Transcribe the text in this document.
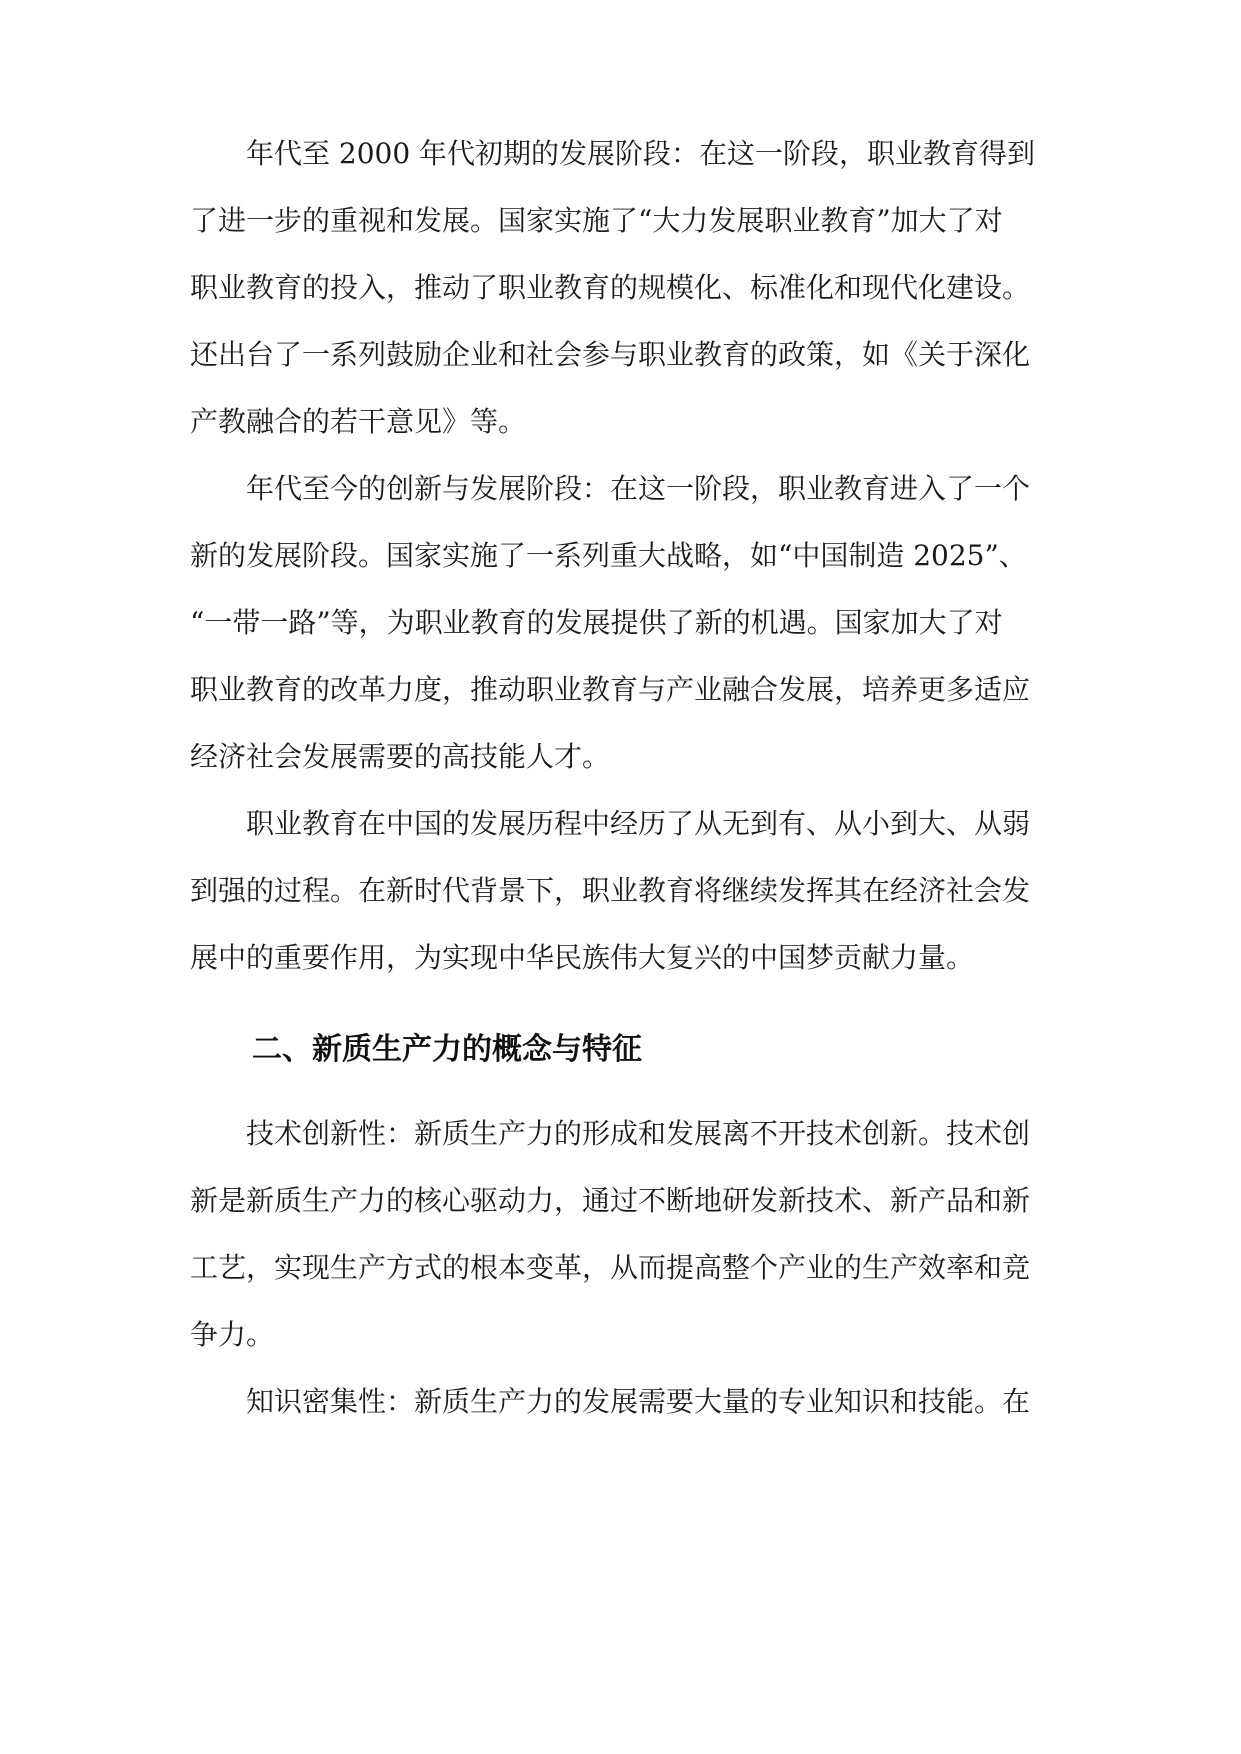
年代至 2000 年代初期的发展阶段：在这一阶段，职业教育得到

了进一步的重视和发展。国家实施了“大力发展职业教育”加大了对

职业教育的投入，推动了职业教育的规模化、标准化和现代化建设。

还出台了一系列鼓励企业和社会参与职业教育的政策，如《关于深化

产教融合的若干意见》等。

年代至今的创新与发展阶段：在这一阶段，职业教育进入了一个

新的发展阶段。国家实施了一系列重大战略，如“中国制造 2025”、

“一带一路”等，为职业教育的发展提供了新的机遇。国家加大了对

职业教育的改革力度，推动职业教育与产业融合发展，培养更多适应

经济社会发展需要的高技能人才。

职业教育在中国的发展历程中经历了从无到有、从小到大、从弱

到强的过程。在新时代背景下，职业教育将继续发挥其在经济社会发

展中的重要作用，为实现中华民族伟大复兴的中国梦贡献力量。

二、新质生产力的概念与特征

技术创新性：新质生产力的形成和发展离不开技术创新。技术创

新是新质生产力的核心驱动力，通过不断地研发新技术、新产品和新

工艺，实现生产方式的根本变革，从而提高整个产业的生产效率和竞

争力。

知识密集性：新质生产力的发展需要大量的专业知识和技能。在
